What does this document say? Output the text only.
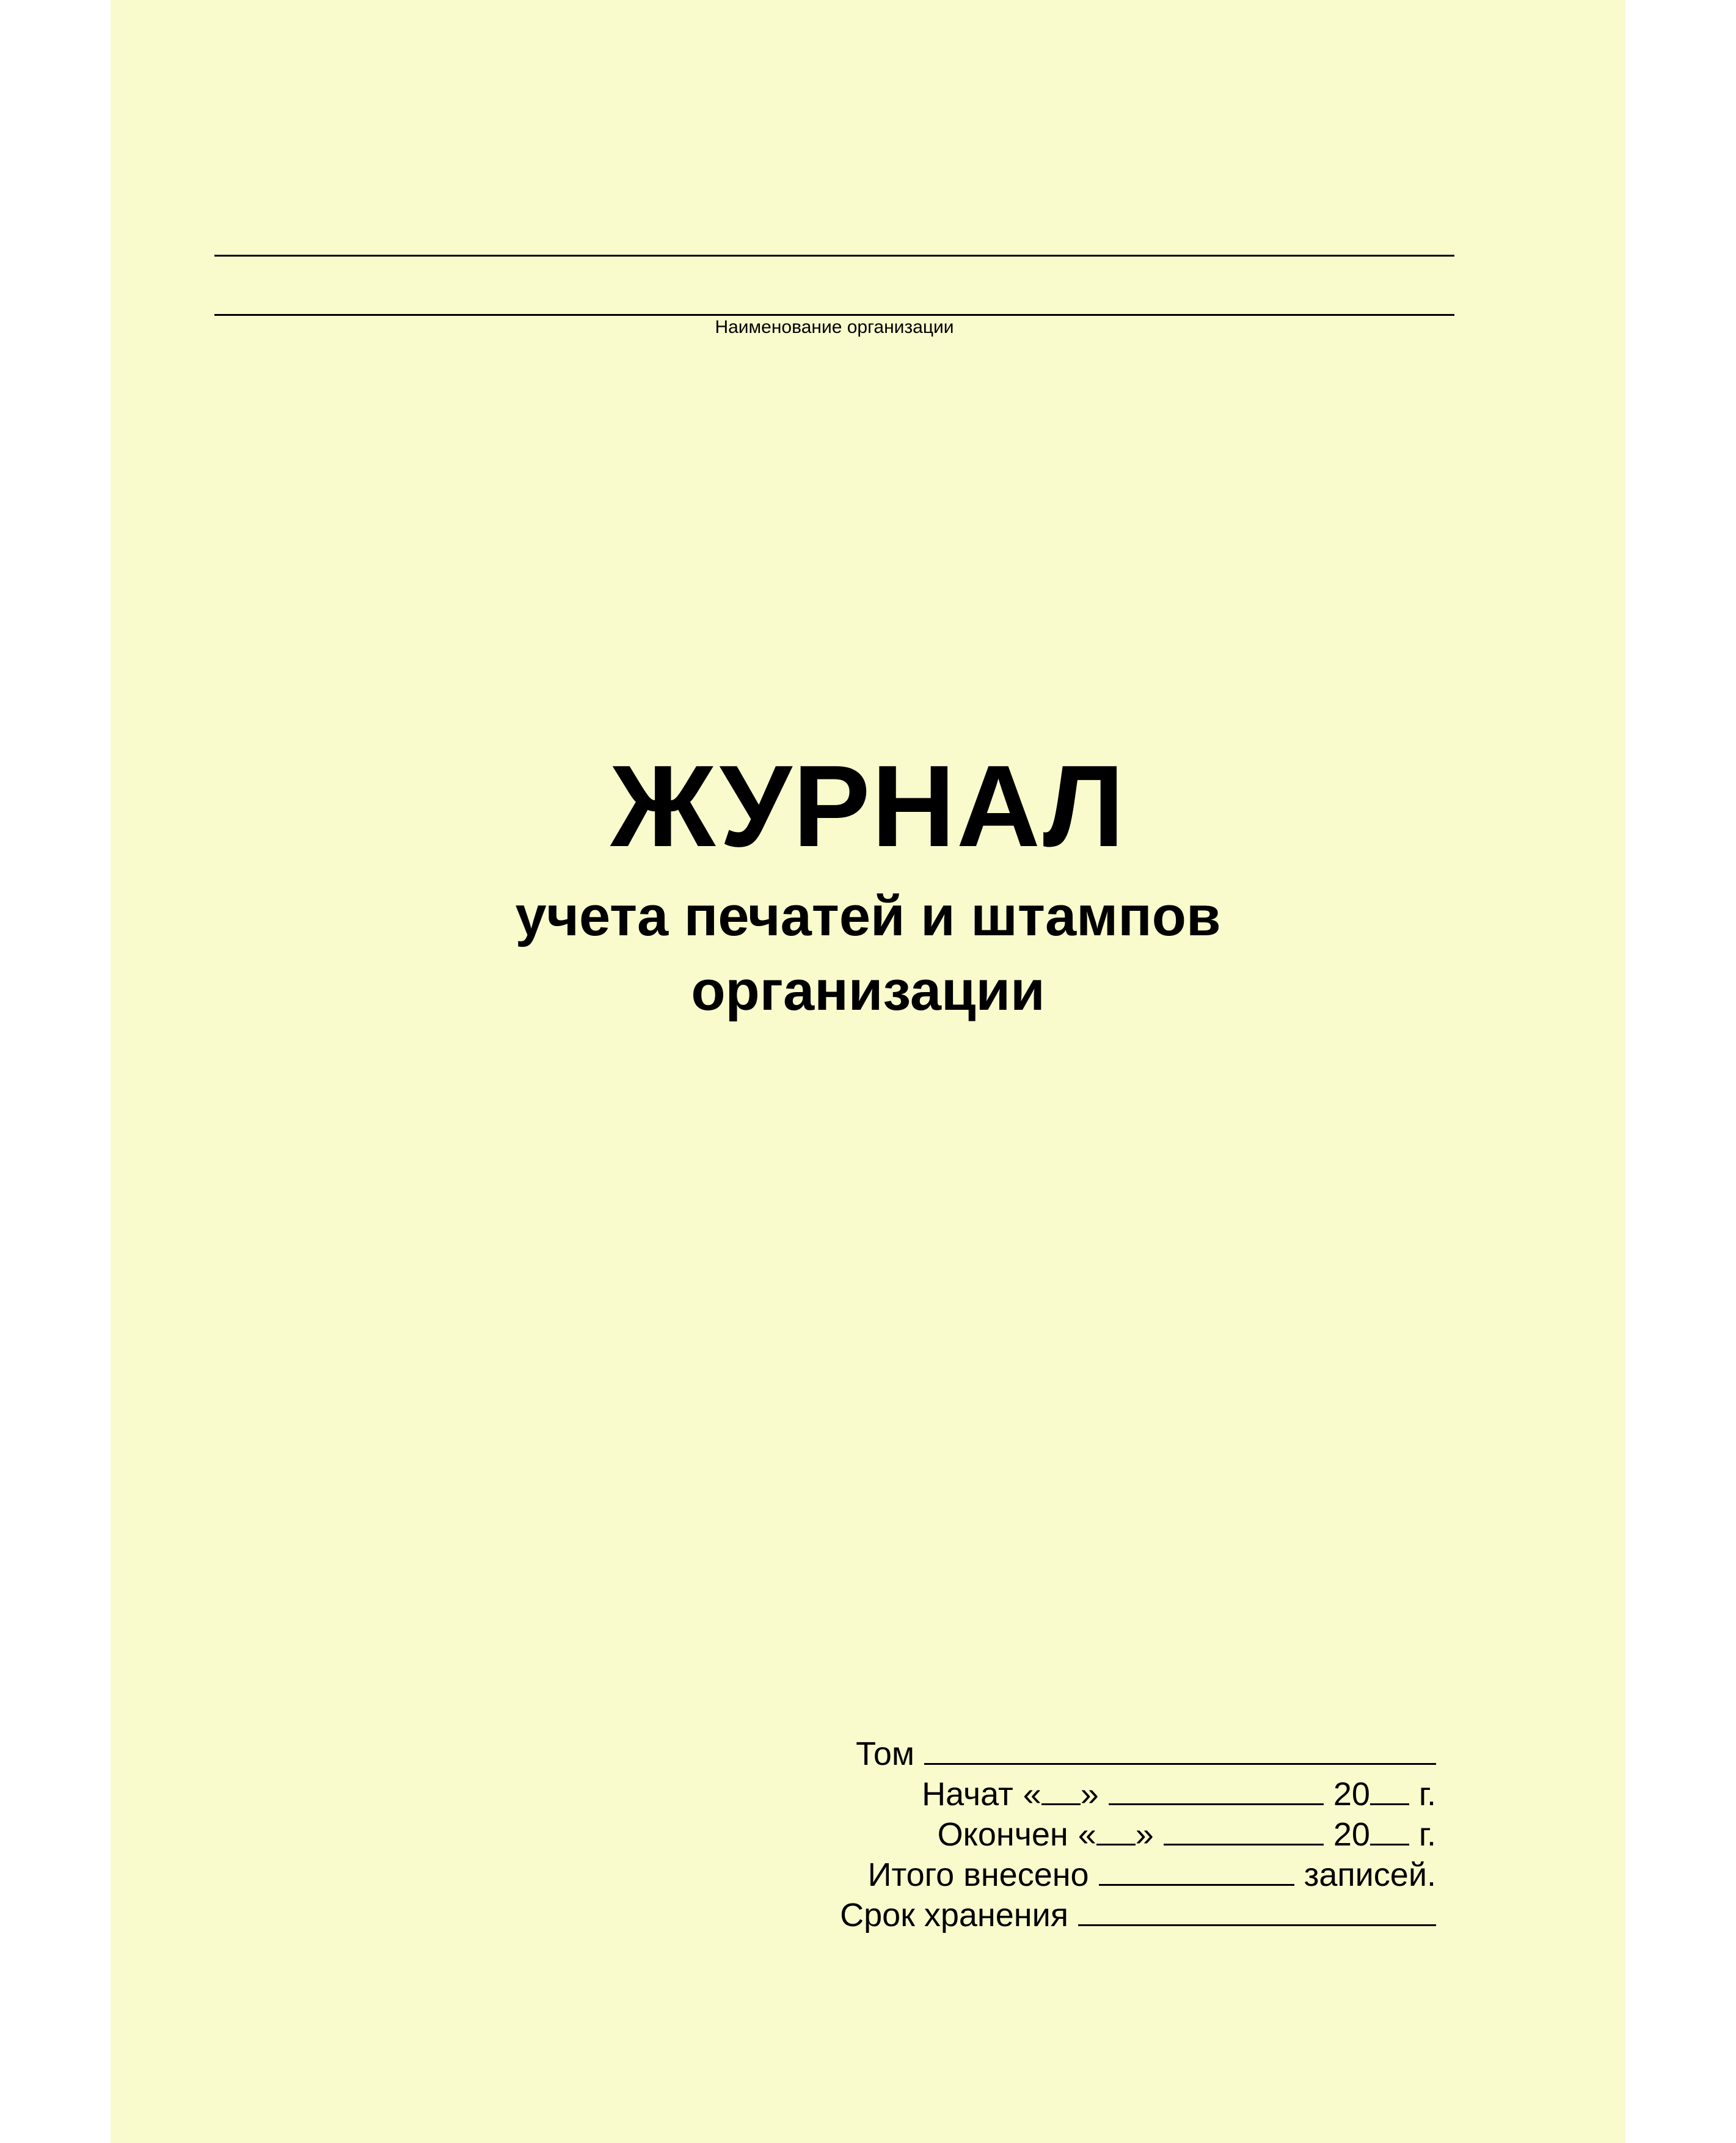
Наименование организации
ЖУРНАЛ
учета печатей и штампов
организации
Том
Начат « »	20 г.
Окончен « »	20 г.
Итого внесено	записей.
Срок хранения
